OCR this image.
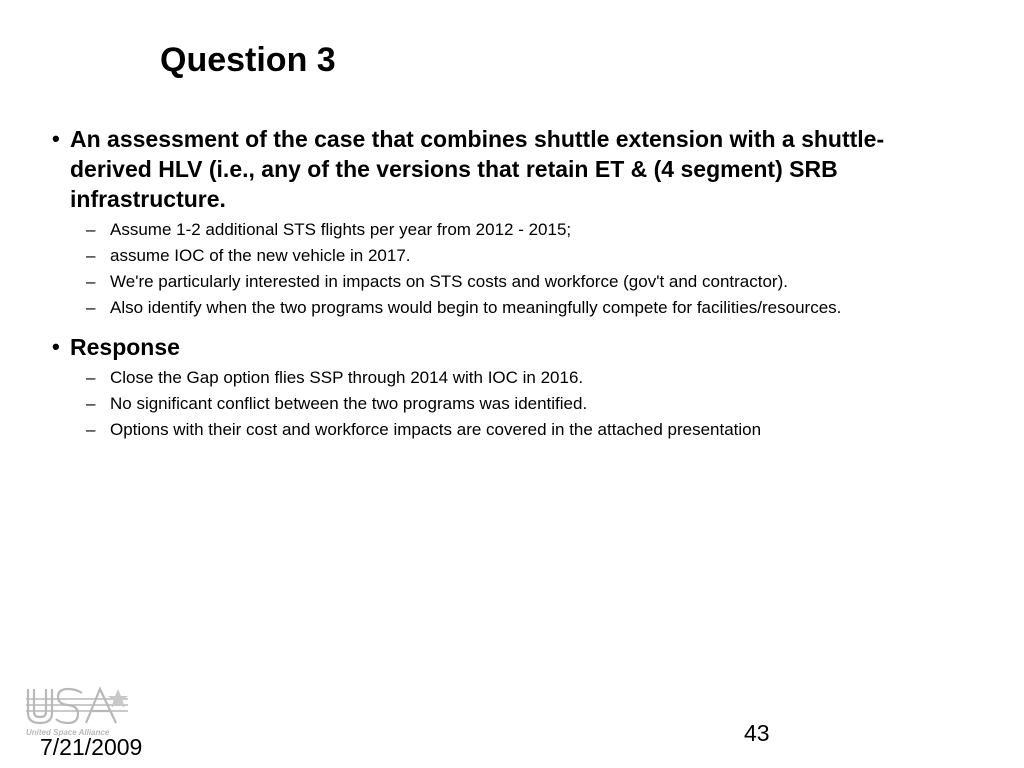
Question 3
• An assessment of the case that combines shuttle extension with a shuttle-derived HLV (i.e., any of the versions that retain ET & (4 segment) SRB infrastructure.
– Assume 1-2 additional STS flights per year from 2012 - 2015;
– assume IOC of the new vehicle in 2017.
– We're particularly interested in impacts on STS costs and workforce (gov't and contractor).
– Also identify when the two programs would begin to meaningfully compete for facilities/resources.
• Response
– Close the Gap option flies SSP through 2014 with IOC in 2016.
– No significant conflict between the two programs was identified.
– Options with their cost and workforce impacts are covered in the attached presentation
United Space Alliance
7/21/2009
43
